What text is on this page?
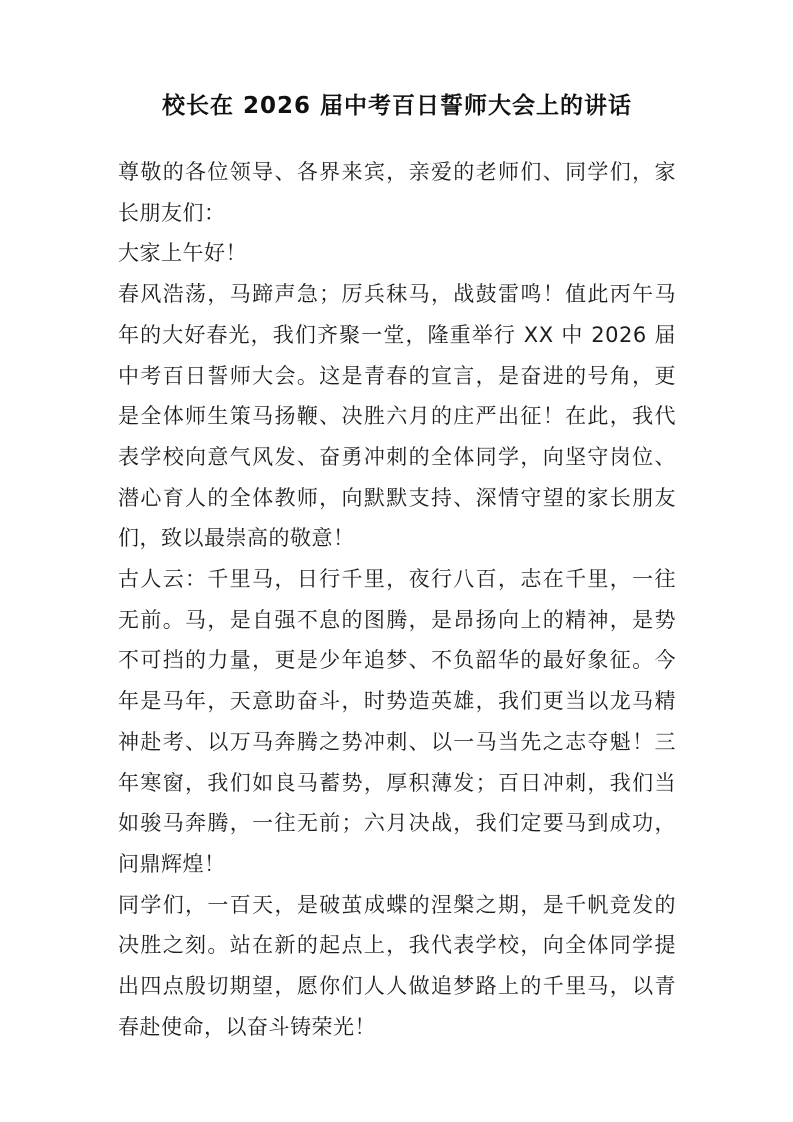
校长在 2026 届中考百日誓师大会上的讲话

尊敬的各位领导、各界来宾，亲爱的老师们、同学们，家长朋友们：

大家上午好！

春风浩荡，马蹄声急；厉兵秣马，战鼓雷鸣！值此丙午马年的大好春光，我们齐聚一堂，隆重举行 XX 中 2026 届中考百日誓师大会。这是青春的宣言，是奋进的号角，更是全体师生策马扬鞭、决胜六月的庄严出征！在此，我代表学校向意气风发、奋勇冲刺的全体同学，向坚守岗位、潜心育人的全体教师，向默默支持、深情守望的家长朋友们，致以最崇高的敬意！

古人云：千里马，日行千里，夜行八百，志在千里，一往无前。马，是自强不息的图腾，是昂扬向上的精神，是势不可挡的力量，更是少年追梦、不负韶华的最好象征。今年是马年，天意助奋斗，时势造英雄，我们更当以龙马精神赴考、以万马奔腾之势冲刺、以一马当先之志夺魁！三年寒窗，我们如良马蓄势，厚积薄发；百日冲刺，我们当如骏马奔腾，一往无前；六月决战，我们定要马到成功，问鼎辉煌！

同学们，一百天，是破茧成蝶的涅槃之期，是千帆竞发的决胜之刻。站在新的起点上，我代表学校，向全体同学提出四点殷切期望，愿你们人人做追梦路上的千里马，以青春赴使命，以奋斗铸荣光！
